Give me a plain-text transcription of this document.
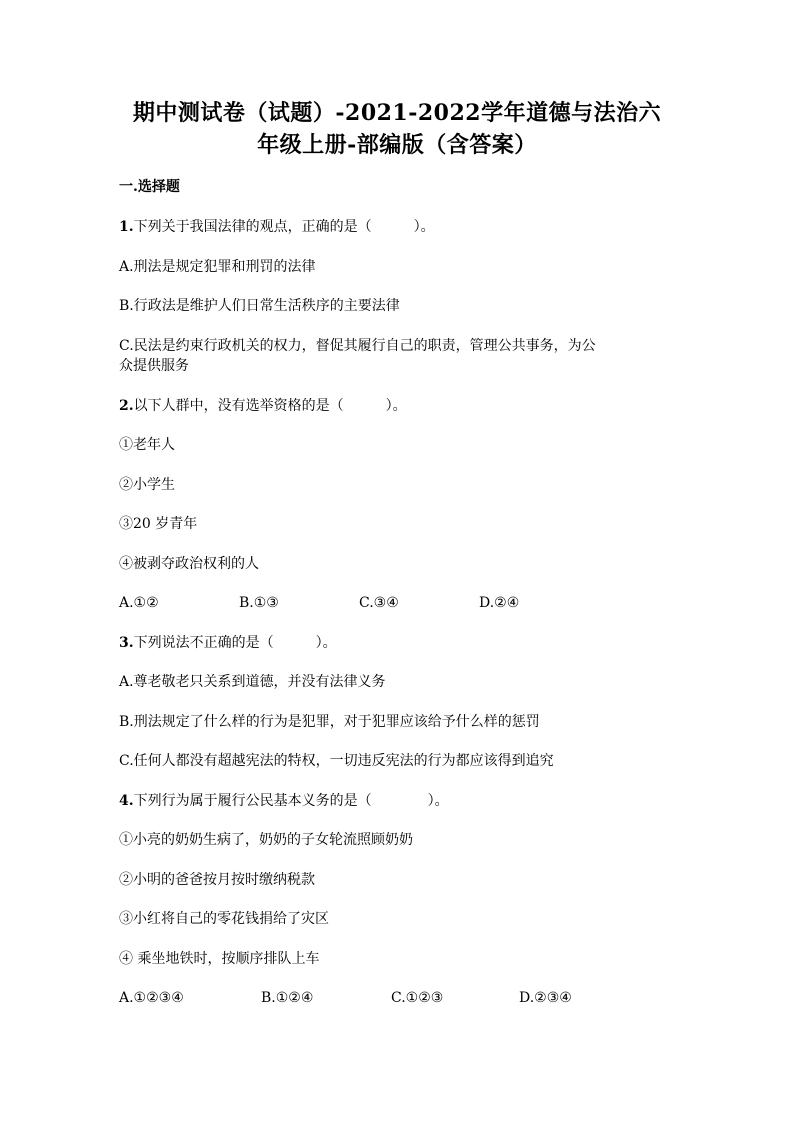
期中测试卷（试题）-2021-2022学年道德与法治六
年级上册-部编版（含答案）
一.选择题
1.下列关于我国法律的观点，正确的是（　　　）。
A.刑法是规定犯罪和刑罚的法律
B.行政法是维护人们日常生活秩序的主要法律
C.民法是约束行政机关的权力，督促其履行自己的职责，管理公共事务，为公
众提供服务
2.以下人群中，没有选举资格的是（　　　）。
①老年人
②小学生
③20 岁青年
④被剥夺政治权利的人
A.①②	B.①③	C.③④	D.②④
3.下列说法不正确的是（　　　）。
A.尊老敬老只关系到道德，并没有法律义务
B.刑法规定了什么样的行为是犯罪，对于犯罪应该给予什么样的惩罚
C.任何人都没有超越宪法的特权，一切违反宪法的行为都应该得到追究
4.下列行为属于履行公民基本义务的是（　　　　）。
①小亮的奶奶生病了，奶奶的子女轮流照顾奶奶
②小明的爸爸按月按时缴纳税款
③小红将自己的零花钱捐给了灾区
④ 乘坐地铁时，按顺序排队上车
A.①②③④	B.①②④	C.①②③	D.②③④
